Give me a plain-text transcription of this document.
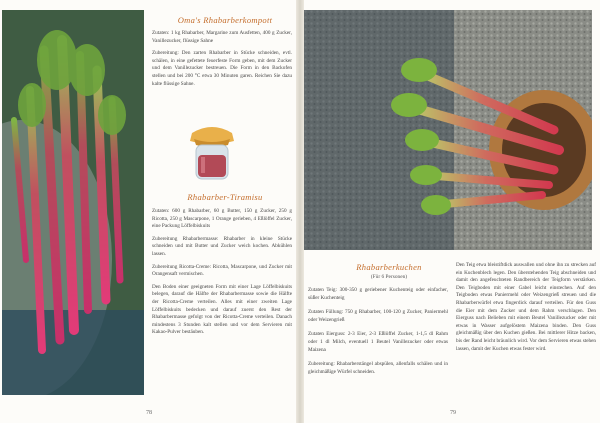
Oma's Rhabarberkompott

Zutaten: 1 kg Rhabarber, Margarine zum Ausfetten, 400 g Zucker, Vanillezucker, flüssige Sahne

Zubereitung: Den zarten Rhabarber in Stücke schneiden, evtl. schälen, in eine gefettete feuerfeste Form geben, mit dem Zucker und dem Vanillezucker bestreuen. Die Form in den Backofen stellen und bei 200 °C etwa 30 Minuten garen. Reichen Sie dazu kalte flüssige Sahne.

Rhabarber-Tiramisu

Zutaten: 600 g Rhabarber, 60 g Butter, 150 g Zucker, 250 g Ricotta, 250 g Mascarpone, 1 Orange gerieben, 4 Eßlöffel Zucker, eine Packung Löffelbiskuits

Zubereitung Rhabarbermasse: Rhabarber in kleine Stücke schneiden und mit Butter und Zucker weich kochen. Abkühlen lassen.

Zubereitung Ricotta-Creme: Ricotta, Mascarpone, und Zucker mit Orangensaft vermischen.

Den Boden einer geeigneten Form mit einer Lage Löffelbiskuits belegen, darauf die Hälfte der Rhabarbermasse sowie die Hälfte der Ricotta-Creme verteilen. Alles mit einer zweiten Lage Löffelbiskuits bedecken und darauf zuerst den Rest der Rhabarbermasse gefolgt von der Ricotta-Creme verteilen. Danach mindestens 3 Stunden kalt stellen und vor dem Servieren mit Kakao-Pulver bestäuben.

78
Rhabarberkuchen
(Für 6 Personen)

Zutaten Teig: 300-350 g geriebener Kuchenteig oder einfacher, süßer Kuchenteig

Zutaten Füllung: 750 g Rhabarber, 100-120 g Zucker, Paniermehl oder Weizengrieß

Zutaten Eierguss: 2-3 Eier, 2-3 Eßlöffel Zucker, 1-1,5 dl Rahm oder 1 dl Milch, eventuell 1 Beutel Vanillezucker oder etwas Maizena

Zubereitung: Rhabarberstängel abspülen, allenfalls schälen und in gleichmäßige Würfel schneiden.

Den Teig etwa bleistiftdick auswallen und ohne ihn zu strecken auf ein Kuchenblech legen. Den überstehenden Teig abschneiden und damit den angefeuchteten Randbereich der Teigform verstärken. Den Teigboden mit einer Gabel leicht einstechen. Auf den Teigboden etwas Paniermehl oder Weizengrieß streuen und die Rhabarberwürfel etwa fingerdick darauf verteilen. Für den Guss die Eier mit dem Zucker und dem Rahm verschlagen. Den Eierguss nach Belieben mit einem Beutel Vanillezucker oder mit etwas in Wasser aufgelöstem Maizena binden. Den Guss gleichmäßig über den Kuchen gießen. Bei mittlerer Hitze backen, bis der Rand leicht bräunlich wird. Vor dem Servieren etwas stehen lassen, damit der Kuchen etwas fester wird.
79
